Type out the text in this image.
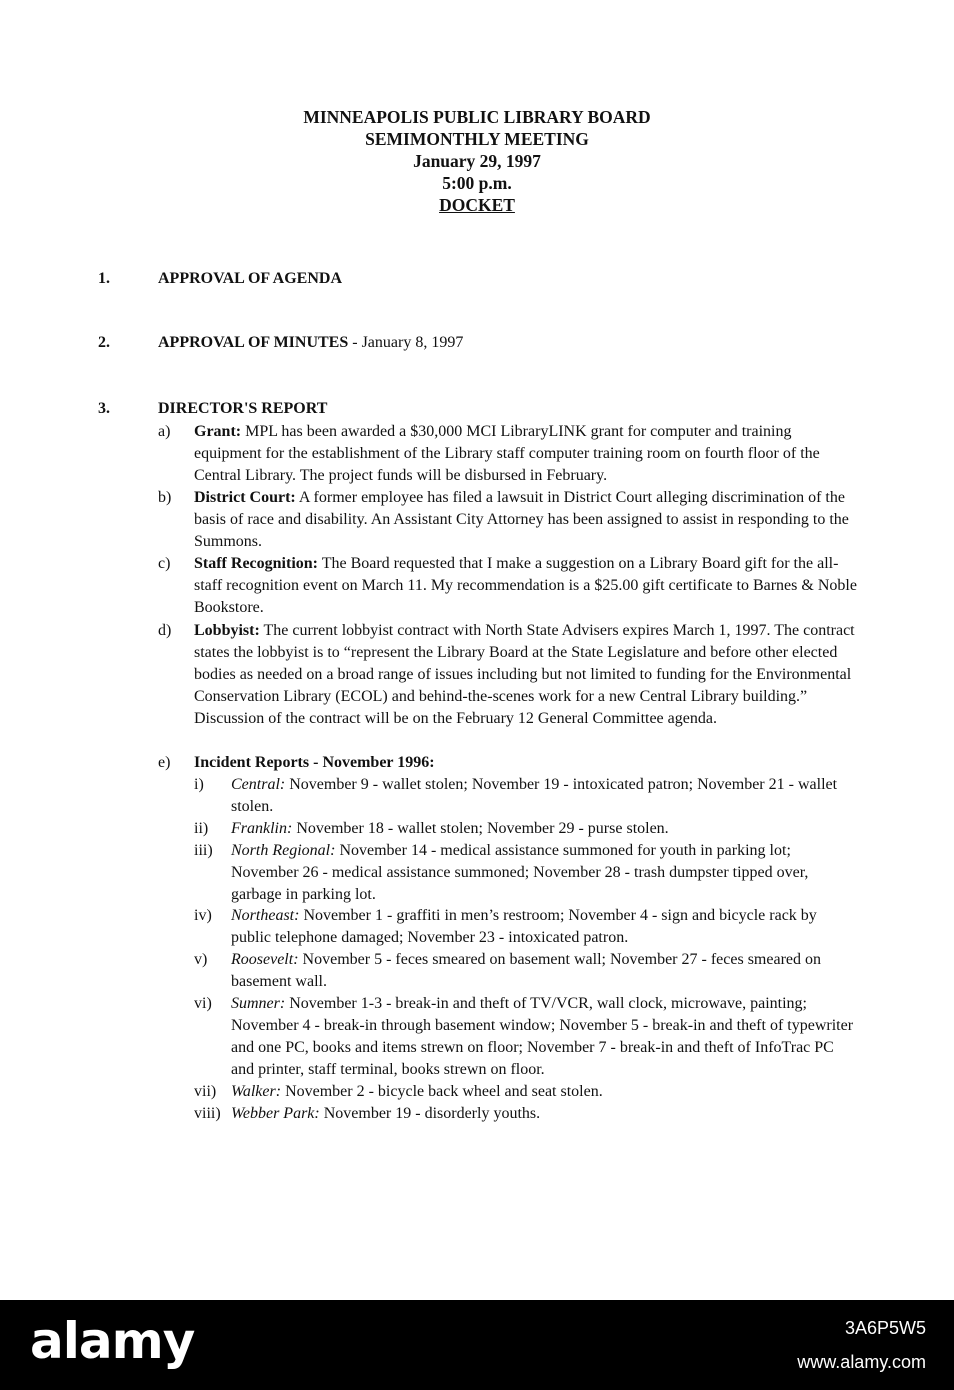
MINNEAPOLIS PUBLIC LIBRARY BOARD
SEMIMONTHLY MEETING
January 29, 1997
5:00 p.m.
DOCKET
1.	APPROVAL OF AGENDA
2.	APPROVAL OF MINUTES - January 8, 1997
3.	DIRECTOR'S REPORT
a) Grant: MPL has been awarded a $30,000 MCI LibraryLINK grant for computer and training equipment for the establishment of the Library staff computer training room on fourth floor of the Central Library. The project funds will be disbursed in February.
b) District Court: A former employee has filed a lawsuit in District Court alleging discrimination of the basis of race and disability. An Assistant City Attorney has been assigned to assist in responding to the Summons.
c) Staff Recognition: The Board requested that I make a suggestion on a Library Board gift for the all-staff recognition event on March 11. My recommendation is a $25.00 gift certificate to Barnes & Noble Bookstore.
d) Lobbyist: The current lobbyist contract with North State Advisers expires March 1, 1997. The contract states the lobbyist is to “represent the Library Board at the State Legislature and before other elected bodies as needed on a broad range of issues including but not limited to funding for the Environmental Conservation Library (ECOL) and behind-the-scenes work for a new Central Library building.” Discussion of the contract will be on the February 12 General Committee agenda.
e) Incident Reports - November 1996:
i) Central: November 9 - wallet stolen; November 19 - intoxicated patron; November 21 - wallet stolen.
ii) Franklin: November 18 - wallet stolen; November 29 - purse stolen.
iii) North Regional: November 14 - medical assistance summoned for youth in parking lot; November 26 - medical assistance summoned; November 28 - trash dumpster tipped over, garbage in parking lot.
iv) Northeast: November 1 - graffiti in men’s restroom; November 4 - sign and bicycle rack by public telephone damaged; November 23 - intoxicated patron.
v) Roosevelt: November 5 - feces smeared on basement wall; November 27 - feces smeared on basement wall.
vi) Sumner: November 1-3 - break-in and theft of TV/VCR, wall clock, microwave, painting; November 4 - break-in through basement window; November 5 - break-in and theft of typewriter and one PC, books and items strewn on floor; November 7 - break-in and theft of InfoTrac PC and printer, staff terminal, books strewn on floor.
vii) Walker: November 2 - bicycle back wheel and seat stolen.
viii) Webber Park: November 19 - disorderly youths.
alamy	3A6P5W5
www.alamy.com
